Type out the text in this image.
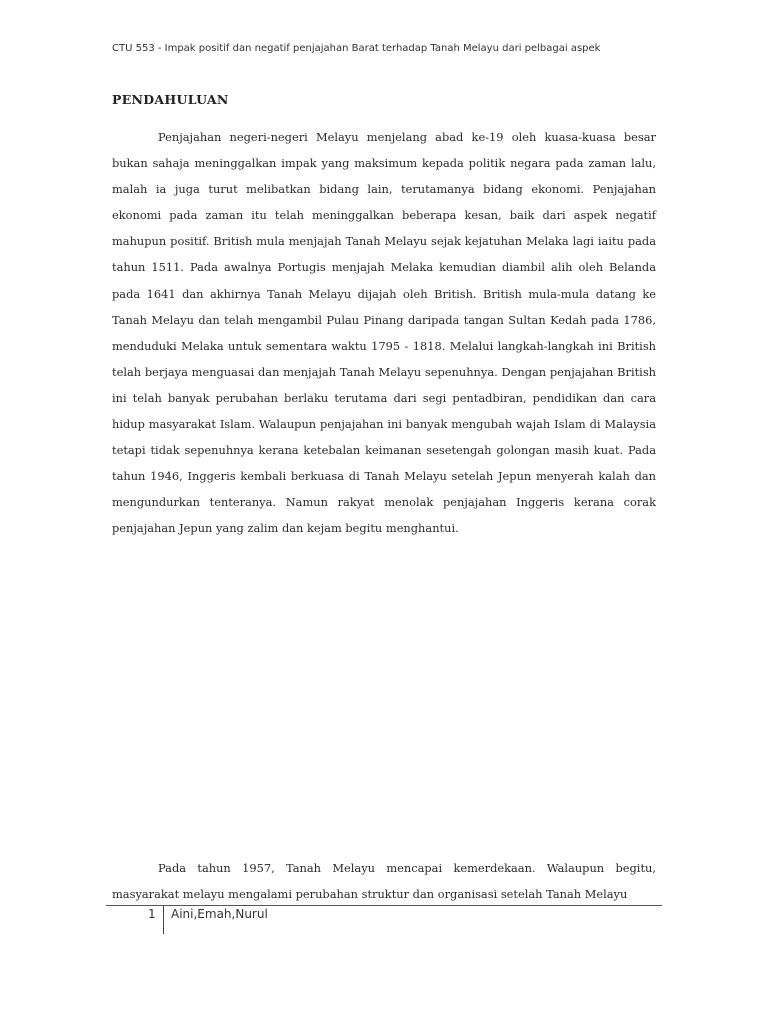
CTU 553 - Impak positif dan negatif penjajahan Barat terhadap Tanah Melayu dari pelbagai aspek
PENDAHULUAN

Penjajahan negeri-negeri Melayu menjelang abad ke-19 oleh kuasa-kuasa besar bukan sahaja meninggalkan impak yang maksimum kepada politik negara pada zaman lalu, malah ia juga turut melibatkan bidang lain, terutamanya bidang ekonomi. Penjajahan ekonomi pada zaman itu telah meninggalkan beberapa kesan, baik dari aspek negatif mahupun positif. British mula menjajah Tanah Melayu sejak kejatuhan Melaka lagi iaitu pada tahun 1511. Pada awalnya Portugis menjajah Melaka kemudian diambil alih oleh Belanda pada 1641 dan akhirnya Tanah Melayu dijajah oleh British. British mula-mula datang ke Tanah Melayu dan telah mengambil Pulau Pinang daripada tangan Sultan Kedah pada 1786, menduduki Melaka untuk sementara waktu 1795 - 1818. Melalui langkah-langkah ini British telah berjaya menguasai dan menjajah Tanah Melayu sepenuhnya. Dengan penjajahan British ini telah banyak perubahan berlaku terutama dari segi pentadbiran, pendidikan dan cara hidup masyarakat Islam. Walaupun penjajahan ini banyak mengubah wajah Islam di Malaysia tetapi tidak sepenuhnya kerana ketebalan keimanan sesetengah golongan masih kuat. Pada tahun 1946, Inggeris kembali berkuasa di Tanah Melayu setelah Jepun menyerah kalah dan mengundurkan tenteranya. Namun rakyat menolak penjajahan Inggeris kerana corak penjajahan Jepun yang zalim dan kejam begitu menghantui.

Pada tahun 1957, Tanah Melayu mencapai kemerdekaan. Walaupun begitu, masyarakat melayu mengalami perubahan struktur dan organisasi setelah Tanah Melayu

1 Aini,Emah,Nurul
